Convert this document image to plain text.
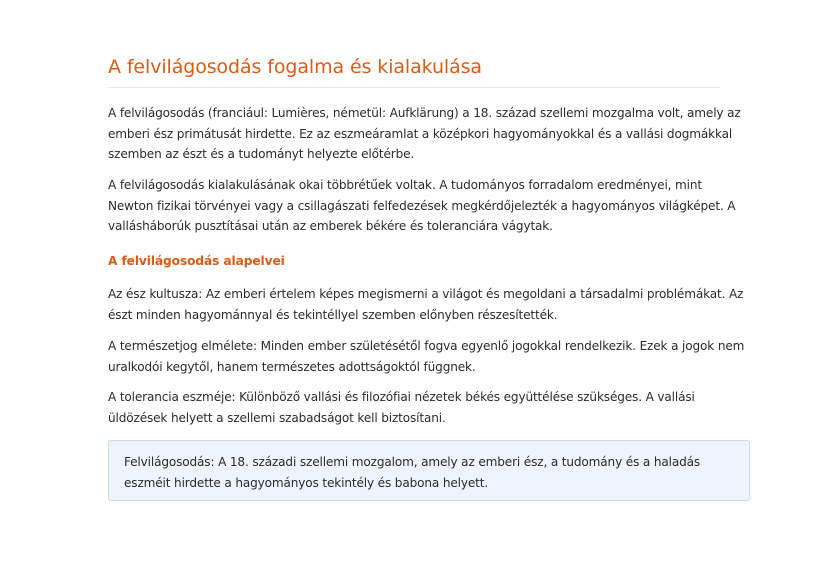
A felvilágosodás fogalma és kialakulása

A felvilágosodás (franciául: Lumières, németül: Aufklärung) a 18. század szellemi mozgalma volt, amely az emberi ész primátusát hirdette. Ez az eszmeáramlat a középkori hagyományokkal és a vallási dogmákkal szemben az észt és a tudományt helyezte előtérbe.

A felvilágosodás kialakulásának okai többrétűek voltak. A tudományos forradalom eredményei, mint Newton fizikai törvényei vagy a csillagászati felfedezések megkérdőjelezték a hagyományos világképet. A vallásháborúk pusztításai után az emberek békére és toleranciára vágytak.

A felvilágosodás alapelvei

Az ész kultusza: Az emberi értelem képes megismerni a világot és megoldani a társadalmi problémákat. Az észt minden hagyománnyal és tekintéllyel szemben előnyben részesítették.

A természetjog elmélete: Minden ember születésétől fogva egyenlő jogokkal rendelkezik. Ezek a jogok nem uralkodói kegytől, hanem természetes adottságoktól függnek.

A tolerancia eszméje: Különböző vallási és filozófiai nézetek békés együttélése szükséges. A vallási üldözések helyett a szellemi szabadságot kell biztosítani.

Felvilágosodás: A 18. századi szellemi mozgalom, amely az emberi ész, a tudomány és a haladás eszméit hirdette a hagyományos tekintély és babona helyett.
